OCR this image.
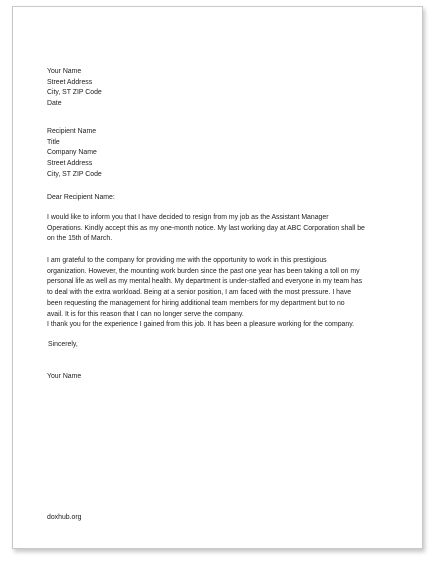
Your Name
Street Address
City, ST ZIP Code
Date
Recipient Name
Title
Company Name
Street Address
City, ST ZIP Code
Dear Recipient Name:
I would like to inform you that I have decided to resign from my job as the Assistant Manager
Operations. Kindly accept this as my one-month notice. My last working day at ABC Corporation shall be
on the 15th of March.
I am grateful to the company for providing me with the opportunity to work in this prestigious
organization. However, the mounting work burden since the past one year has been taking a toll on my
personal life as well as my mental health. My department is under-staffed and everyone in my team has
to deal with the extra workload. Being at a senior position, I am faced with the most pressure. I have
been requesting the management for hiring additional team members for my department but to no
avail. It is for this reason that I can no longer serve the company.
I thank you for the experience I gained from this job. It has been a pleasure working for the company.
Sincerely,
Your Name
doxhub.org
